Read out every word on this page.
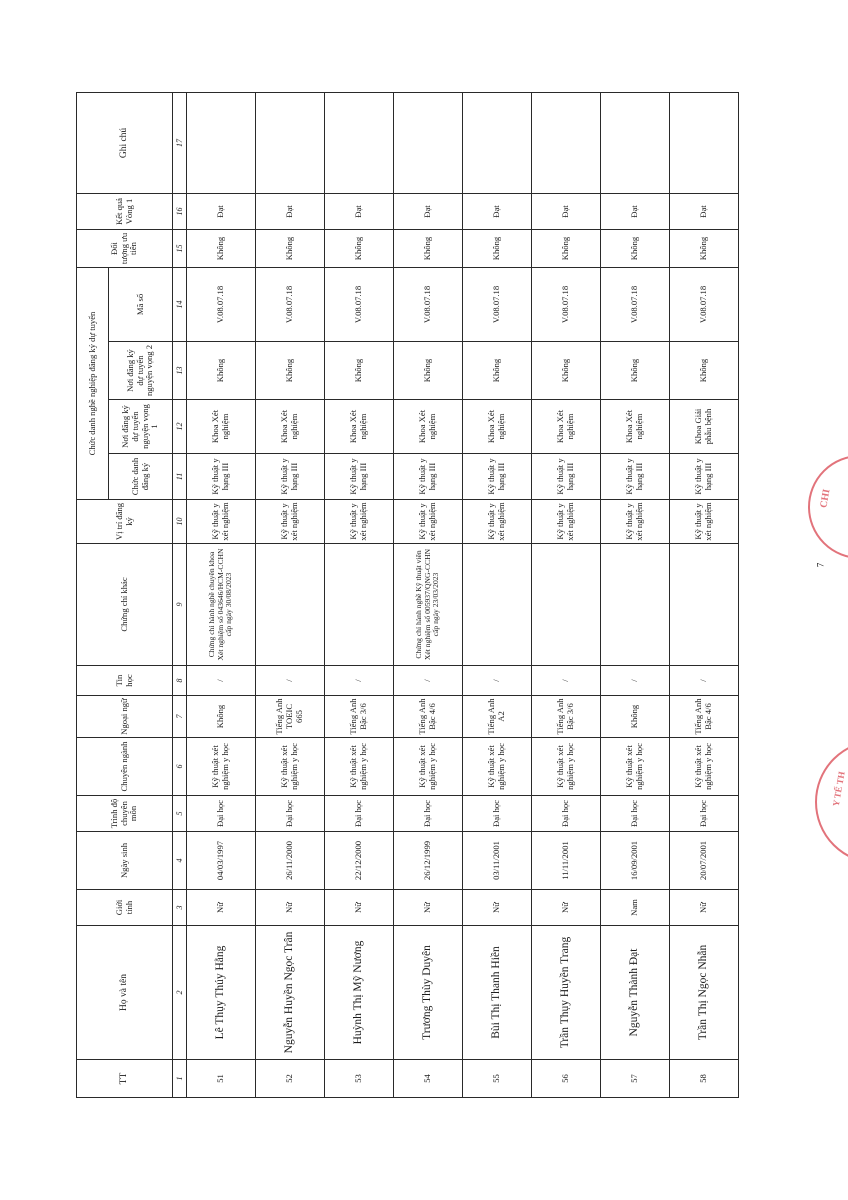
TT	Họ và tên	Giới tính	Ngày sinh	Trình độ chuyên môn	Chuyên ngành	Ngoại ngữ	Tin học	Chứng chỉ khác	Vị trí đăng ký	Chức danh nghề nghiệp đăng ký dự tuyển				Đối tượng ưu tiên	Kết quả Vòng 1	Ghi chú
										Chức danh đăng ký	Nơi đăng ký dự tuyển nguyện vọng 1	Nơi đăng ký dự tuyển nguyện vọng 2	Mã số			
1	2	3	4	5	6	7	8	9	10	11	12	13	14	15	16	17
51	Lê Thụy Thúy Hằng	Nữ	04/03/1997	Đại học	Kỹ thuật xét nghiệm y học	Không	/	Chứng chỉ hành nghề chuyên khoa Xét nghiệm số 043646/HCM-CCHN cấp ngày 30/08/2023	Kỹ thuật y xét nghiệm	Kỹ thuật y hạng III	Khoa Xét nghiệm	Không	V.08.07.18	Không	Đạt	
52	Nguyễn Huyền Ngọc Trân	Nữ	26/11/2000	Đại học	Kỹ thuật xét nghiệm y học	Tiếng Anh TOEIC 665	/		Kỹ thuật y xét nghiệm	Kỹ thuật y hạng III	Khoa Xét nghiệm	Không	V.08.07.18	Không	Đạt	
53	Huỳnh Thị Mỹ Nương	Nữ	22/12/2000	Đại học	Kỹ thuật xét nghiệm y học	Tiếng Anh Bậc 3/6	/		Kỹ thuật y xét nghiệm	Kỹ thuật y hạng III	Khoa Xét nghiệm	Không	V.08.07.18	Không	Đạt	
54	Trương Thùy Duyên	Nữ	26/12/1999	Đại học	Kỹ thuật xét nghiệm y học	Tiếng Anh Bậc 4/6	/	Chứng chỉ hành nghề Kỹ thuật viên Xét nghiệm số 005937/QNG-CCHN cấp ngày 23/03/2023	Kỹ thuật y xét nghiệm	Kỹ thuật y hạng III	Khoa Xét nghiệm	Không	V.08.07.18	Không	Đạt	
55	Bùi Thị Thanh Hiền	Nữ	03/11/2001	Đại học	Kỹ thuật xét nghiệm y học	Tiếng Anh A2	/		Kỹ thuật y xét nghiệm	Kỹ thuật y hạng III	Khoa Xét nghiệm	Không	V.08.07.18	Không	Đạt	
56	Trần Thụy Huyền Trang	Nữ	11/11/2001	Đại học	Kỹ thuật xét nghiệm y học	Tiếng Anh Bậc 3/6	/		Kỹ thuật y xét nghiệm	Kỹ thuật y hạng III	Khoa Xét nghiệm	Không	V.08.07.18	Không	Đạt	
57	Nguyễn Thành Đạt	Nam	16/09/2001	Đại học	Kỹ thuật xét nghiệm y học	Không	/		Kỹ thuật y xét nghiệm	Kỹ thuật y hạng III	Khoa Xét nghiệm	Không	V.08.07.18	Không	Đạt	
58	Trần Thị Ngọc Nhẫn	Nữ	20/07/2001	Đại học	Kỹ thuật xét nghiệm y học	Tiếng Anh Bậc 4/6	/		Kỹ thuật y xét nghiệm	Kỹ thuật y hạng III	Khoa Giải phẫu bệnh	Không	V.08.07.18	Không	Đạt	
7
CHI
Y TẾ TH
